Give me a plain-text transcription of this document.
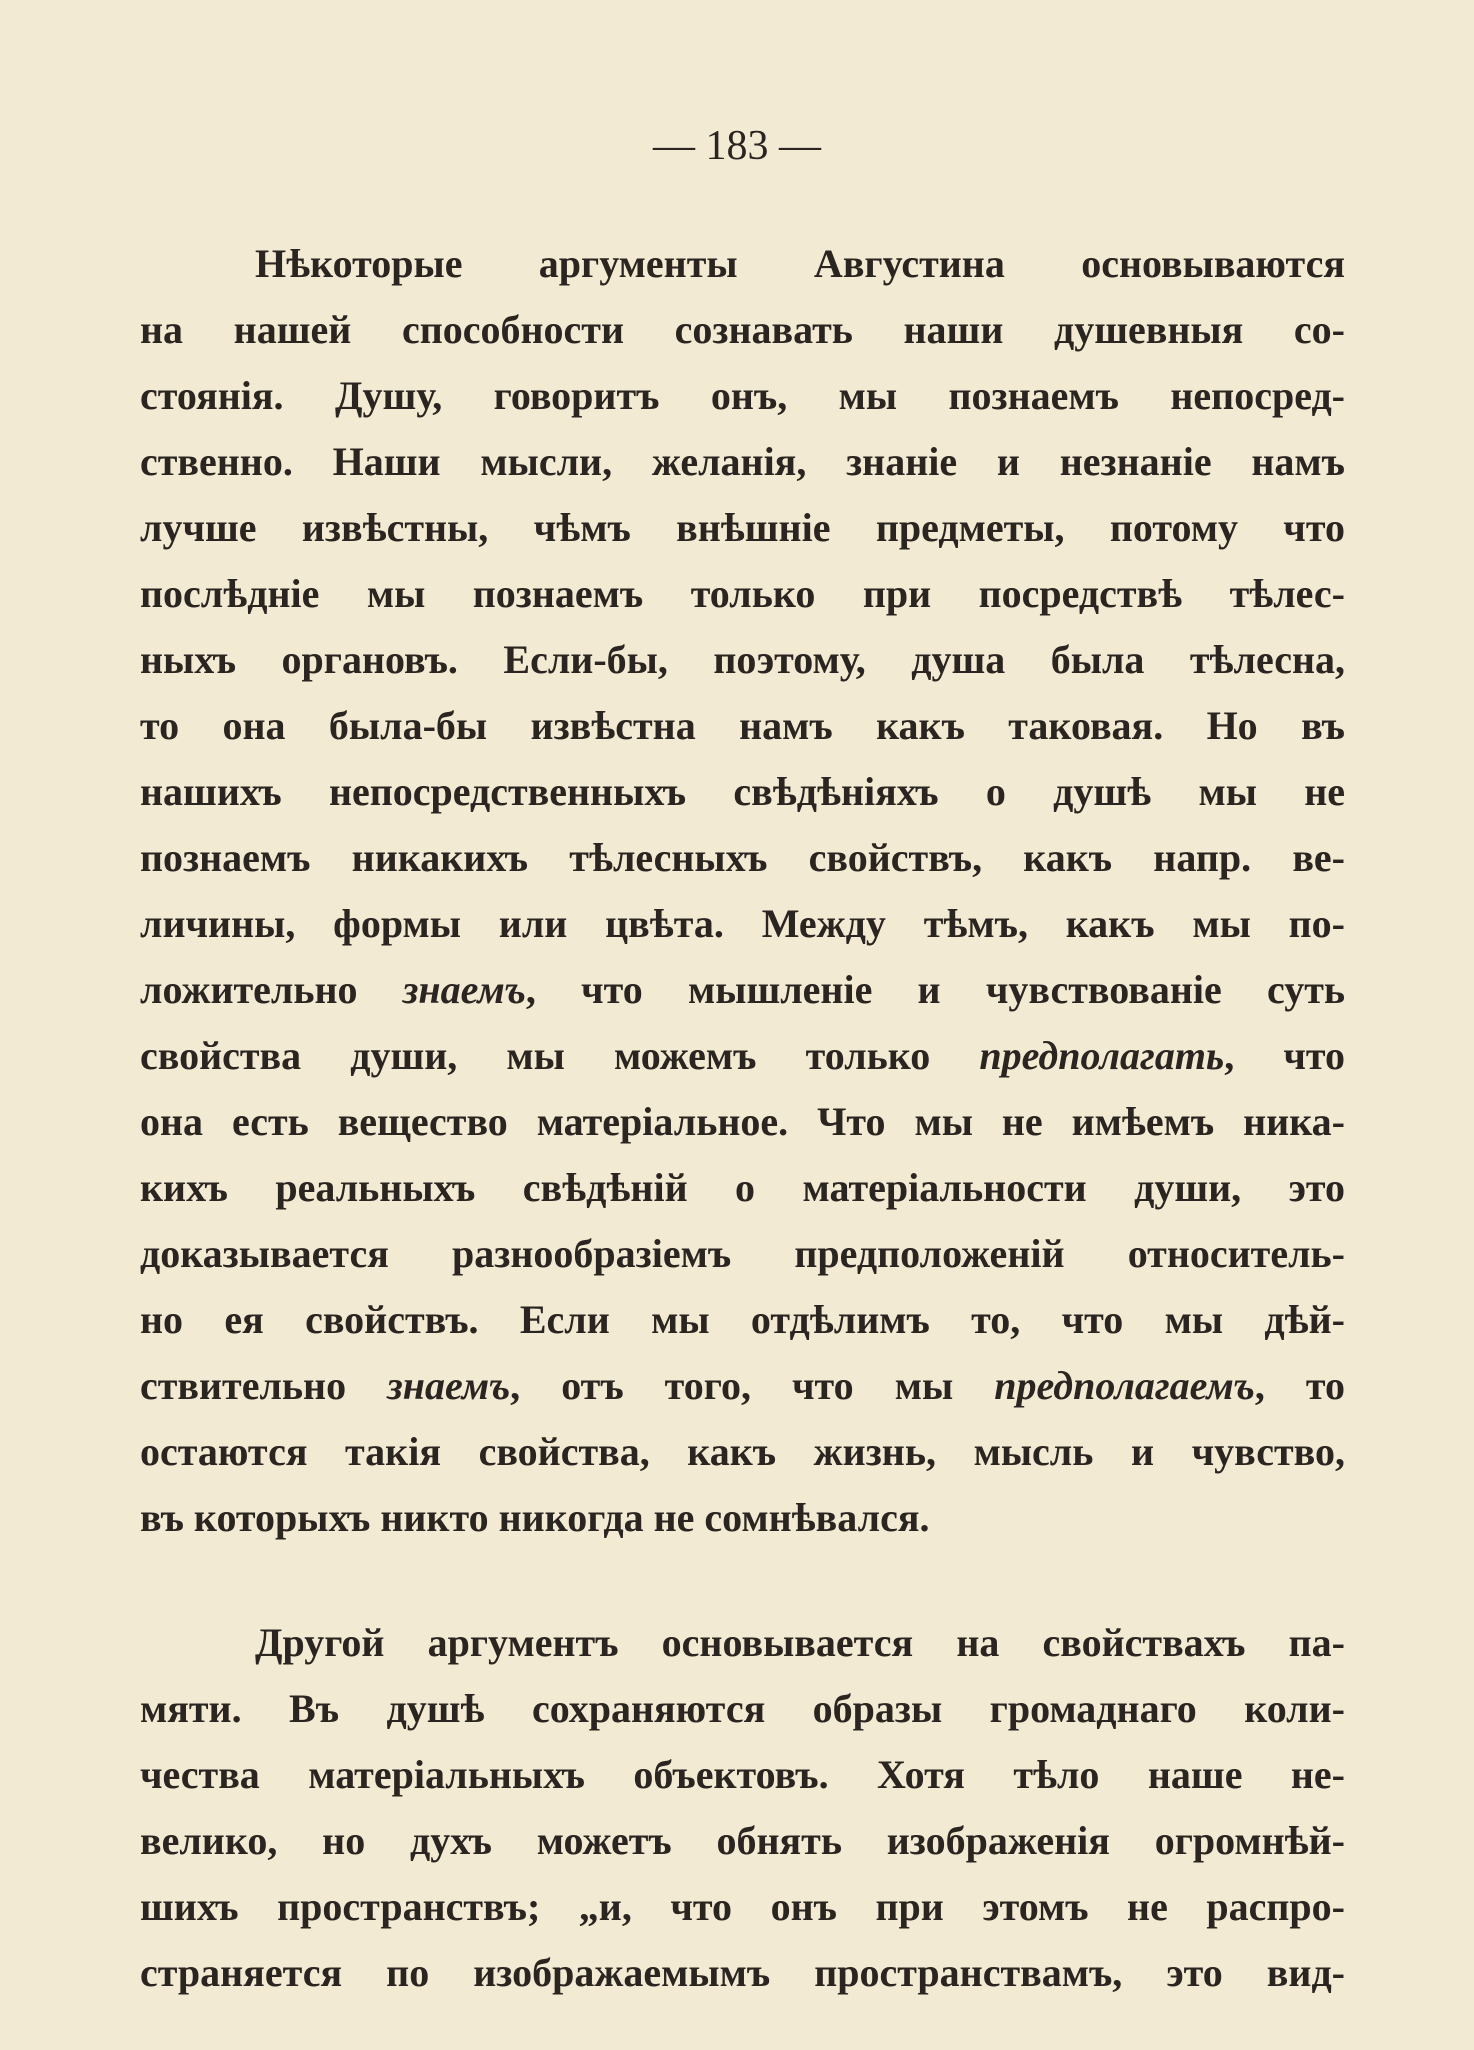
— 183 —
Нѣкоторые аргументы Августина основываются
на нашей способности сознавать наши душевныя со-
стоянія. Душу, говоритъ онъ, мы познаемъ непосред-
ственно. Наши мысли, желанія, знаніе и незнаніе намъ
лучше извѣстны, чѣмъ внѣшніе предметы, потому что
послѣдніе мы познаемъ только при посредствѣ тѣлес-
ныхъ органовъ. Если-бы, поэтому, душа была тѣлесна,
то она была-бы извѣстна намъ какъ таковая. Но въ
нашихъ непосредственныхъ свѣдѣніяхъ о душѣ мы не
познаемъ никакихъ тѣлесныхъ свойствъ, какъ напр. ве-
личины, формы или цвѣта. Между тѣмъ, какъ мы по-
ложительно знаемъ, что мышленіе и чувствованіе суть
свойства души, мы можемъ только предполагать, что
она есть вещество матеріальное. Что мы не имѣемъ ника-
кихъ реальныхъ свѣдѣній о матеріальности души, это
доказывается разнообразіемъ предположеній относитель-
но ея свойствъ. Если мы отдѣлимъ то, что мы дѣй-
ствительно знаемъ, отъ того, что мы предполагаемъ, то
остаются такія свойства, какъ жизнь, мысль и чувство,
въ которыхъ никто никогда не сомнѣвался.
Другой аргументъ основывается на свойствахъ па-
мяти. Въ душѣ сохраняются образы громаднаго коли-
чества матеріальныхъ объектовъ. Хотя тѣло наше не-
велико, но духъ можетъ обнять изображенія огромнѣй-
шихъ пространствъ; „и, что онъ при этомъ не распро-
страняется по изображаемымъ пространствамъ, это вид-
